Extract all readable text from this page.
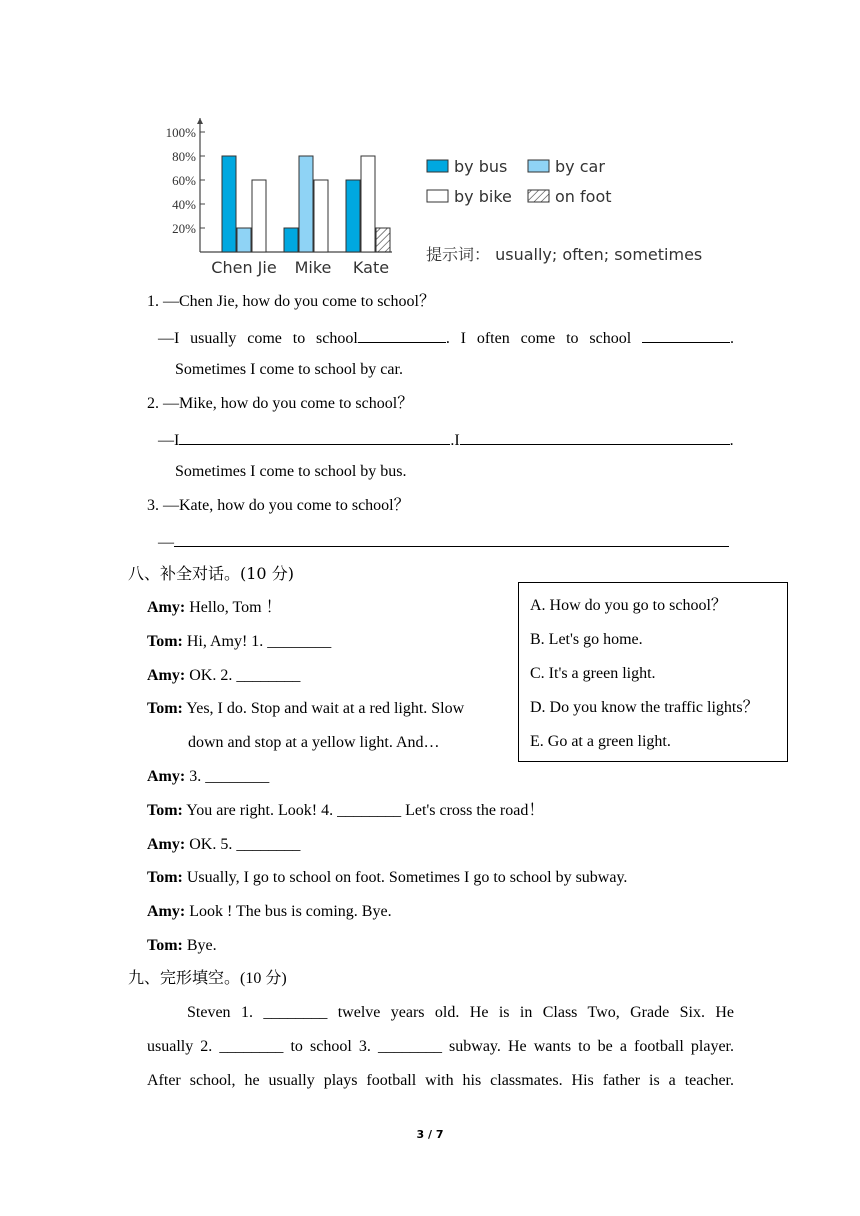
20%
40%
60%
80%
100%
Chen Jie Mike Kate
by bus	by car
by bike	on foot
提示词： usually; often; sometimes
1. —Chen Jie, how do you come to school？
—I usually come to school	. I often come to school	.
Sometimes I come to school by car.
2. —Mike, how do you come to school？
—I	.I	.
Sometimes I come to school by bus.
3. —Kate, how do you come to school？
—
八、补全对话。(10 分)
Amy: Hello, Tom ！
Tom: Hi, Amy! 1. ________
Amy: OK. 2. ________
Tom: Yes, I do. Stop and wait at a red light. Slow
down and stop at a yellow light. And…
Amy: 3. ________
Tom: You are right. Look! 4. ________ Let's cross the road！
Amy: OK. 5. ________
Tom: Usually, I go to school on foot. Sometimes I go to school by subway.
Amy: Look ! The bus is coming. Bye.
Tom: Bye.
A. How do you go to school？
B. Let's go home.
C. It's a green light.
D. Do you know the traffic lights？
E. Go at a green light.
九、完形填空。(10 分)
Steven 1. ________ twelve years old. He is in Class Two, Grade Six. He
usually 2. ________ to school 3. ________ subway. He wants to be a football player.
After school, he usually plays football with his classmates. His father is a teacher.
3 / 7
